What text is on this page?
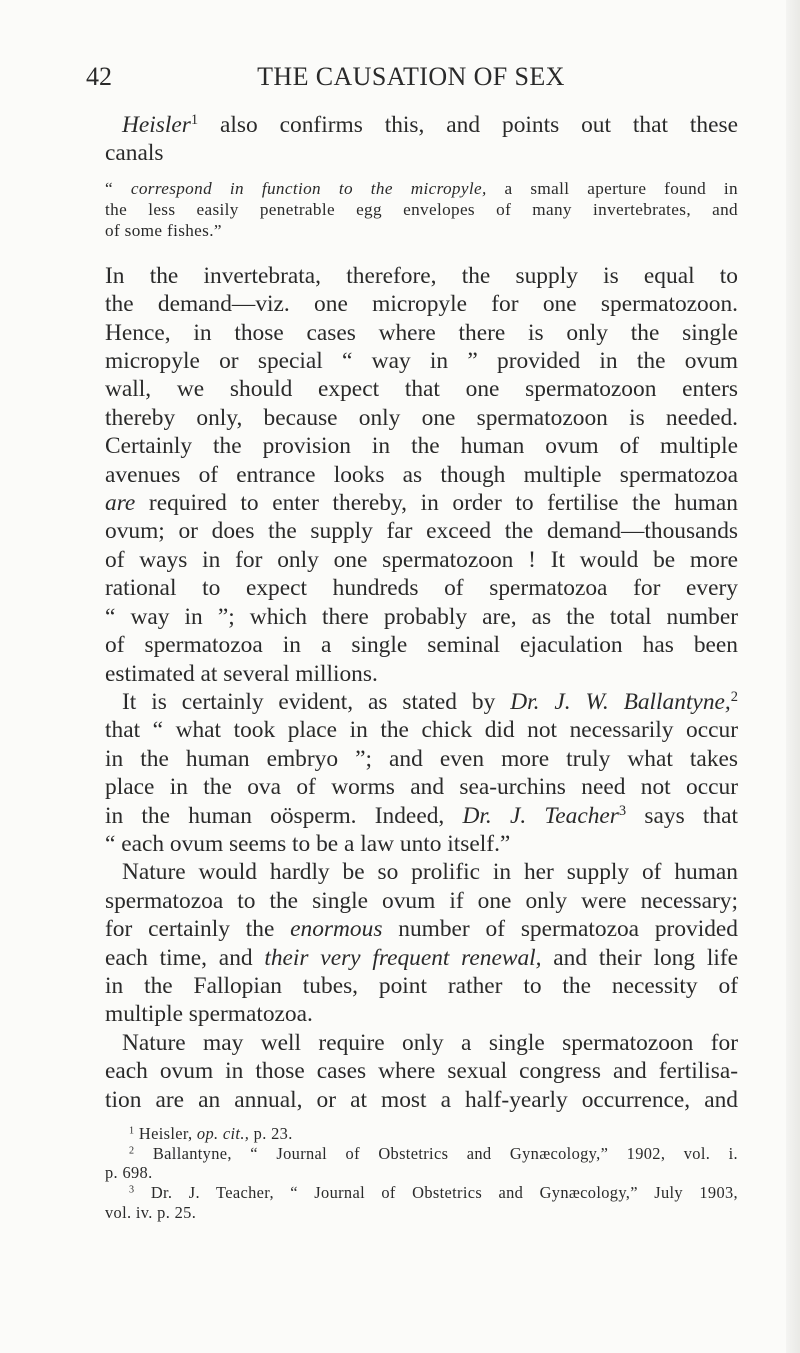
42	THE CAUSATION OF SEX
Heisler$^1$ also confirms this, and points out that these
canals
“ correspond in function to the micropyle, a small aperture found in
the less easily penetrable egg envelopes of many invertebrates, and
of some fishes.”
In the invertebrata, therefore, the supply is equal to
the demand—viz. one micropyle for one spermatozoon.
Hence, in those cases where there is only the single
micropyle or special “ way in ” provided in the ovum
wall, we should expect that one spermatozoon enters
thereby only, because only one spermatozoon is needed.
Certainly the provision in the human ovum of multiple
avenues of entrance looks as though multiple spermatozoa
are required to enter thereby, in order to fertilise the human
ovum; or does the supply far exceed the demand—thousands
of ways in for only one spermatozoon ! It would be more
rational to expect hundreds of spermatozoa for every
“ way in ”; which there probably are, as the total number
of spermatozoa in a single seminal ejaculation has been
estimated at several millions.
It is certainly evident, as stated by Dr. J. W. Ballantyne,$^2$
that “ what took place in the chick did not necessarily occur
in the human embryo ”; and even more truly what takes
place in the ova of worms and sea-urchins need not occur
in the human oösperm. Indeed, Dr. J. Teacher$^3$ says that
“ each ovum seems to be a law unto itself.”
Nature would hardly be so prolific in her supply of human
spermatozoa to the single ovum if one only were necessary;
for certainly the enormous number of spermatozoa provided
each time, and their very frequent renewal, and their long life
in the Fallopian tubes, point rather to the necessity of
multiple spermatozoa.
Nature may well require only a single spermatozoon for
each ovum in those cases where sexual congress and fertilisa-
tion are an annual, or at most a half-yearly occurrence, and
$^1$ Heisler, op. cit., p. 23.
$^2$ Ballantyne, “ Journal of Obstetrics and Gynæcology,” 1902, vol. i.
p. 698.
$^3$ Dr. J. Teacher, “ Journal of Obstetrics and Gynæcology,” July 1903,
vol. iv. p. 25.
